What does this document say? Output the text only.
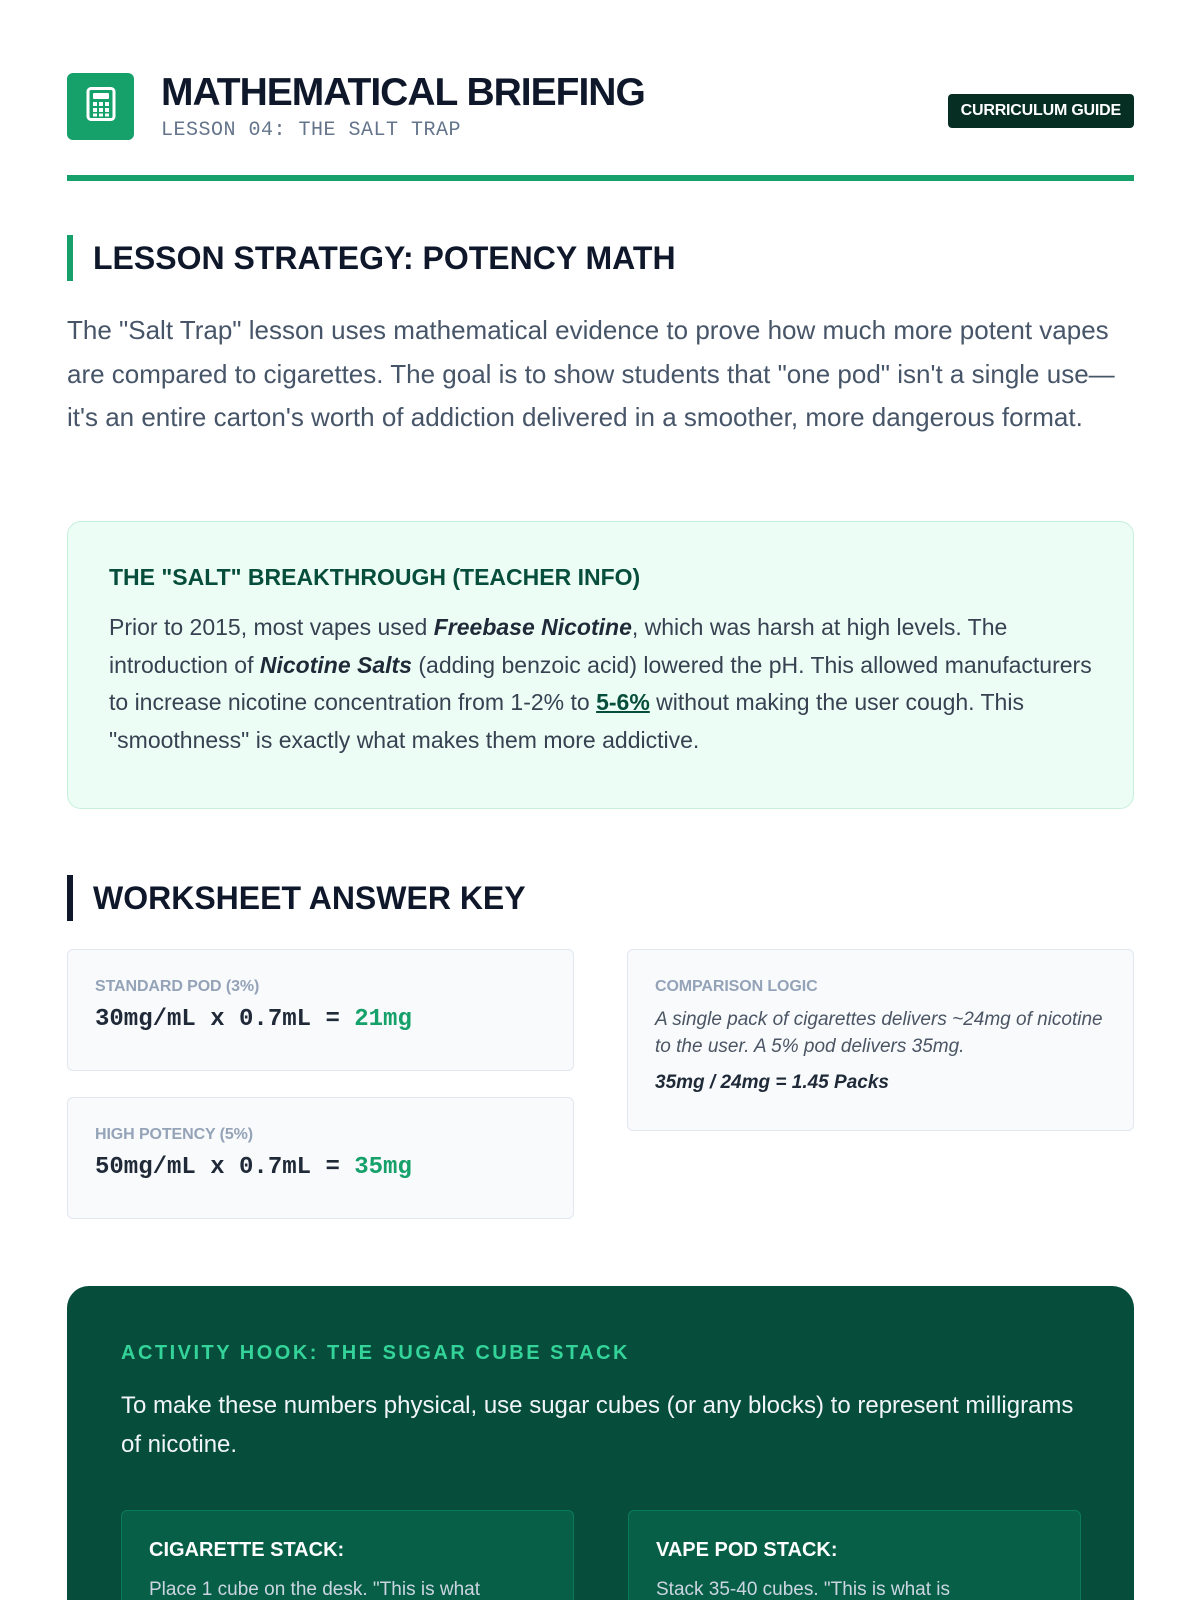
MATHEMATICAL BRIEFING
LESSON 04: THE SALT TRAP
CURRICULUM GUIDE
LESSON STRATEGY: POTENCY MATH

The "Salt Trap" lesson uses mathematical evidence to prove how much more potent vapes are compared to cigarettes. The goal is to show students that "one pod" isn't a single use—it's an entire carton's worth of addiction delivered in a smoother, more dangerous format.

THE "SALT" BREAKTHROUGH (TEACHER INFO)

Prior to 2015, most vapes used Freebase Nicotine, which was harsh at high levels. The introduction of Nicotine Salts (adding benzoic acid) lowered the pH. This allowed manufacturers to increase nicotine concentration from 1-2% to 5-6% without making the user cough. This "smoothness" is exactly what makes them more addictive.

WORKSHEET ANSWER KEY
STANDARD POD (3%)
30mg/mL x 0.7mL = 21mg
HIGH POTENCY (5%)
50mg/mL x 0.7mL = 35mg
COMPARISON LOGIC

A single pack of cigarettes delivers ~24mg of nicotine to the user. A 5% pod delivers 35mg.

35mg / 24mg = 1.45 Packs
ACTIVITY HOOK: THE SUGAR CUBE STACK

To make these numbers physical, use sugar cubes (or any blocks) to represent milligrams of nicotine.

CIGARETTE STACK:

Place 1 cube on the desk. "This is what

VAPE POD STACK:

Stack 35-40 cubes. "This is what is
